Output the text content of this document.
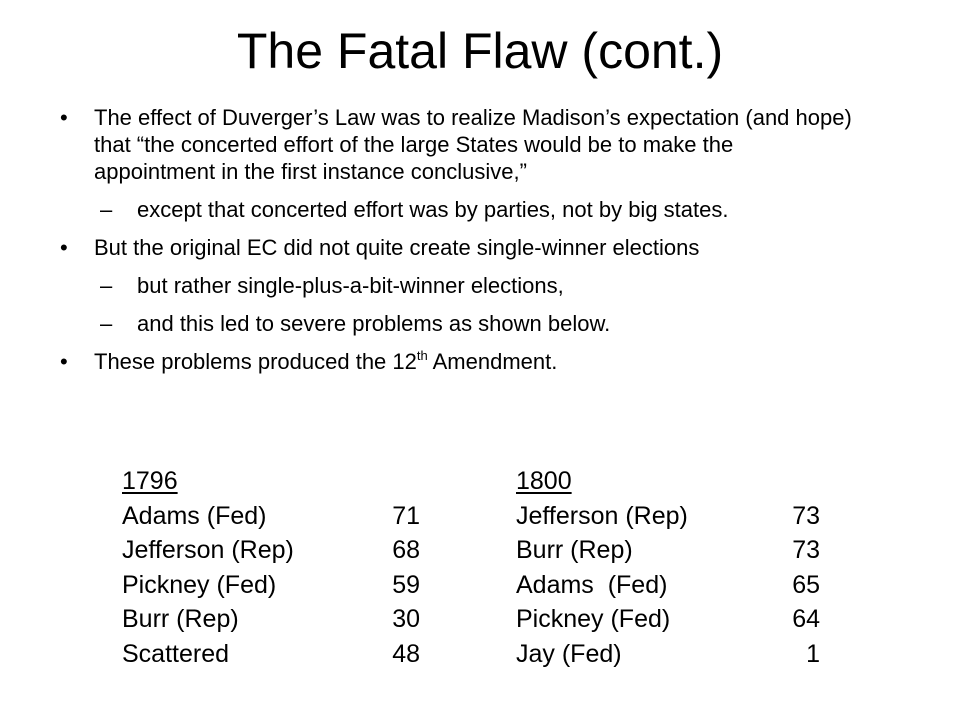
The Fatal Flaw (cont.)
• The effect of Duverger’s Law was to realize Madison’s expectation (and hope) that “the concerted effort of the large States would be to make the appointment in the first instance conclusive,”
– except that concerted effort was by parties, not by big states.
• But the original EC did not quite create single-winner elections
– but rather single-plus-a-bit-winner elections,
– and this led to severe problems as shown below.
• These problems produced the 12th Amendment.
1796
Adams (Fed)	71
Jefferson (Rep)	68
Pickney (Fed)	59
Burr (Rep)	30
Scattered	48
1800
Jefferson (Rep)	73
Burr (Rep)	73
Adams  (Fed)	65
Pickney (Fed)	64
Jay (Fed)	1
